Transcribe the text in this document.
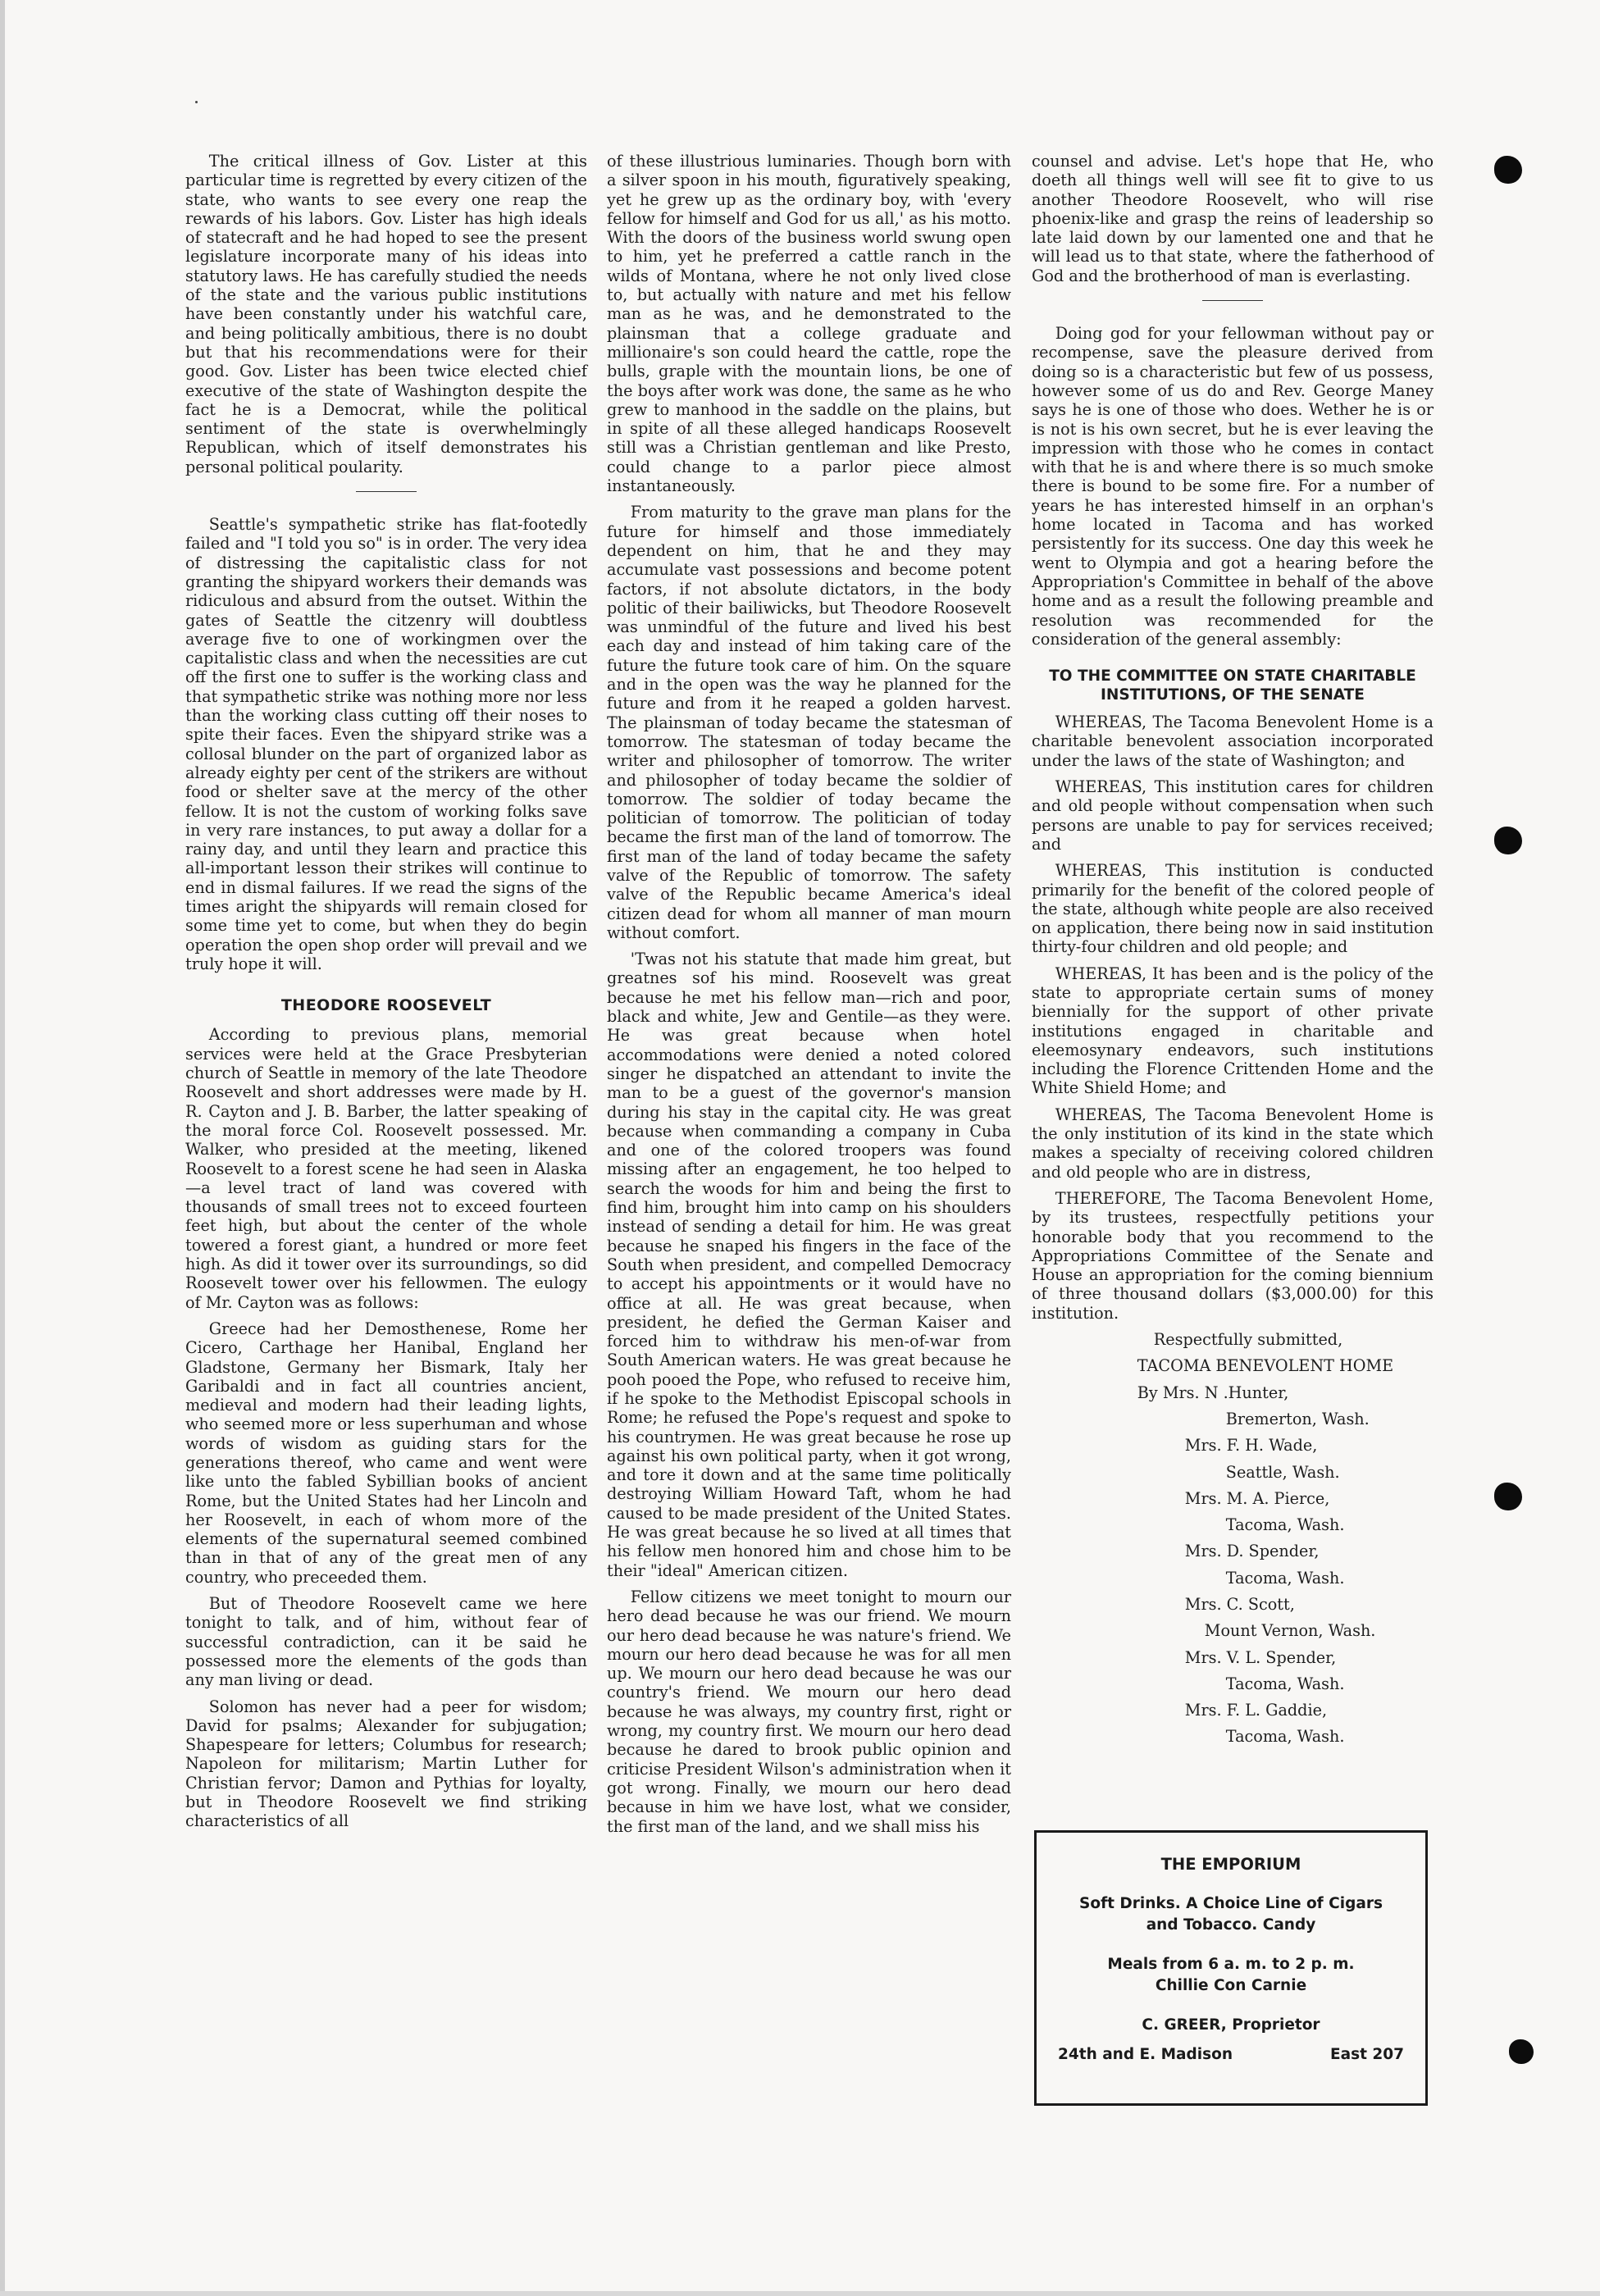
The critical illness of Gov. Lister at this particular time is regretted by every citizen of the state, who wants to see every one reap the rewards of his labors. Gov. Lister has high ideals of statecraft and he had hoped to see the present legislature incorporate many of his ideas into statutory laws. He has carefully studied the needs of the state and the various public institutions have been constantly under his watchful care, and being politically ambitious, there is no doubt but that his recommendations were for their good. Gov. Lister has been twice elected chief executive of the state of Washington despite the fact he is a Democrat, while the political sentiment of the state is overwhelmingly Republican, which of itself demonstrates his personal political poularity.

Seattle's sympathetic strike has flat-footedly failed and "I told you so" is in order. The very idea of distressing the capitalistic class for not granting the shipyard workers their demands was ridiculous and absurd from the outset. Within the gates of Seattle the citzenry will doubtless average five to one of workingmen over the capitalistic class and when the necessities are cut off the first one to suffer is the working class and that sympathetic strike was nothing more nor less than the working class cutting off their noses to spite their faces. Even the shipyard strike was a collosal blunder on the part of organized labor as already eighty per cent of the strikers are without food or shelter save at the mercy of the other fellow. It is not the custom of working folks save in very rare instances, to put away a dollar for a rainy day, and until they learn and practice this all-important lesson their strikes will continue to end in dismal failures. If we read the signs of the times aright the shipyards will remain closed for some time yet to come, but when they do begin operation the open shop order will prevail and we truly hope it will.

THEODORE ROOSEVELT

According to previous plans, memorial services were held at the Grace Presbyterian church of Seattle in memory of the late Theodore Roosevelt and short addresses were made by H. R. Cayton and J. B. Barber, the latter speaking of the moral force Col. Roosevelt possessed. Mr. Walker, who presided at the meeting, likened Roosevelt to a forest scene he had seen in Alaska—a level tract of land was covered with thousands of small trees not to exceed fourteen feet high, but about the center of the whole towered a forest giant, a hundred or more feet high. As did it tower over its surroundings, so did Roosevelt tower over his fellowmen. The eulogy of Mr. Cayton was as follows:

Greece had her Demosthenese, Rome her Cicero, Carthage her Hanibal, England her Gladstone, Germany her Bismark, Italy her Garibaldi and in fact all countries ancient, medieval and modern had their leading lights, who seemed more or less superhuman and whose words of wisdom as guiding stars for the generations thereof, who came and went were like unto the fabled Sybillian books of ancient Rome, but the United States had her Lincoln and her Roosevelt, in each of whom more of the elements of the supernatural seemed combined than in that of any of the great men of any country, who preceeded them.

But of Theodore Roosevelt came we here tonight to talk, and of him, without fear of successful contradiction, can it be said he possessed more the elements of the gods than any man living or dead.

Solomon has never had a peer for wisdom; David for psalms; Alexander for subjugation; Shapespeare for letters; Columbus for research; Napoleon for militarism; Martin Luther for Christian fervor; Damon and Pythias for loyalty, but in Theodore Roosevelt we find striking characteristics of all

of these illustrious luminaries. Though born with a silver spoon in his mouth, figuratively speaking, yet he grew up as the ordinary boy, with 'every fellow for himself and God for us all,' as his motto. With the doors of the business world swung open to him, yet he preferred a cattle ranch in the wilds of Montana, where he not only lived close to, but actually with nature and met his fellow man as he was, and he demonstrated to the plainsman that a college graduate and millionaire's son could heard the cattle, rope the bulls, graple with the mountain lions, be one of the boys after work was done, the same as he who grew to manhood in the saddle on the plains, but in spite of all these alleged handicaps Roosevelt still was a Christian gentleman and like Presto, could change to a parlor piece almost instantaneously.

From maturity to the grave man plans for the future for himself and those immediately dependent on him, that he and they may accumulate vast possessions and become potent factors, if not absolute dictators, in the body politic of their bailiwicks, but Theodore Roosevelt was unmindful of the future and lived his best each day and instead of him taking care of the future the future took care of him. On the square and in the open was the way he planned for the future and from it he reaped a golden harvest. The plainsman of today became the statesman of tomorrow. The statesman of today became the writer and philosopher of tomorrow. The writer and philosopher of today became the soldier of tomorrow. The soldier of today became the politician of tomorrow. The politician of today became the first man of the land of tomorrow. The first man of the land of today became the safety valve of the Republic of tomorrow. The safety valve of the Republic became America's ideal citizen dead for whom all manner of man mourn without comfort.

'Twas not his statute that made him great, but greatnes sof his mind. Roosevelt was great because he met his fellow man—rich and poor, black and white, Jew and Gentile—as they were. He was great because when hotel accommodations were denied a noted colored singer he dispatched an attendant to invite the man to be a guest of the governor's mansion during his stay in the capital city. He was great because when commanding a company in Cuba and one of the colored troopers was found missing after an engagement, he too helped to search the woods for him and being the first to find him, brought him into camp on his shoulders instead of sending a detail for him. He was great because he snaped his fingers in the face of the South when president, and compelled Democracy to accept his appointments or it would have no office at all. He was great because, when president, he defied the German Kaiser and forced him to withdraw his men-of-war from South American waters. He was great because he pooh pooed the Pope, who refused to receive him, if he spoke to the Methodist Episcopal schools in Rome; he refused the Pope's request and spoke to his countrymen. He was great because he rose up against his own political party, when it got wrong, and tore it down and at the same time politically destroying William Howard Taft, whom he had caused to be made president of the United States. He was great because he so lived at all times that his fellow men honored him and chose him to be their "ideal" American citizen.

Fellow citizens we meet tonight to mourn our hero dead because he was our friend. We mourn our hero dead because he was nature's friend. We mourn our hero dead because he was for all men up. We mourn our hero dead because he was our country's friend. We mourn our hero dead because he was always, my country first, right or wrong, my country first. We mourn our hero dead because he dared to brook public opinion and criticise President Wilson's administration when it got wrong. Finally, we mourn our hero dead because in him we have lost, what we consider, the first man of the land, and we shall miss his

counsel and advise. Let's hope that He, who doeth all things well will see fit to give to us another Theodore Roosevelt, who will rise phoenix-like and grasp the reins of leadership so late laid down by our lamented one and that he will lead us to that state, where the fatherhood of God and the brotherhood of man is everlasting.

Doing god for your fellowman without pay or recompense, save the pleasure derived from doing so is a characteristic but few of us possess, however some of us do and Rev. George Maney says he is one of those who does. Wether he is or is not is his own secret, but he is ever leaving the impression with those who he comes in contact with that he is and where there is so much smoke there is bound to be some fire. For a number of years he has interested himself in an orphan's home located in Tacoma and has worked persistently for its success. One day this week he went to Olympia and got a hearing before the Appropriation's Committee in behalf of the above home and as a result the following preamble and resolution was recommended for the consideration of the general assembly:

TO THE COMMITTEE ON STATE CHARITABLE INSTITUTIONS, OF THE SENATE

WHEREAS, The Tacoma Benevolent Home is a charitable benevolent association incorporated under the laws of the state of Washington; and

WHEREAS, This institution cares for children and old people without compensation when such persons are unable to pay for services received; and

WHEREAS, This institution is conducted primarily for the benefit of the colored people of the state, although white people are also received on application, there being now in said institution thirty-four children and old people; and

WHEREAS, It has been and is the policy of the state to appropriate certain sums of money biennially for the support of other private institutions engaged in charitable and eleemosynary endeavors, such institutions including the Florence Crittenden Home and the White Shield Home; and

WHEREAS, The Tacoma Benevolent Home is the only institution of its kind in the state which makes a specialty of receiving colored children and old people who are in distress,

THEREFORE, The Tacoma Benevolent Home, by its trustees, respectfully petitions your honorable body that you recommend to the Appropriations Committee of the Senate and House an appropriation for the coming biennium of three thousand dollars ($3,000.00) for this institution.

Respectfully submitted,

TACOMA BENEVOLENT HOME

By Mrs. N .Hunter,

Bremerton, Wash.

Mrs. F. H. Wade,

Seattle, Wash.

Mrs. M. A. Pierce,

Tacoma, Wash.

Mrs. D. Spender,

Tacoma, Wash.

Mrs. C. Scott,

Mount Vernon, Wash.

Mrs. V. L. Spender,

Tacoma, Wash.

Mrs. F. L. Gaddie,

Tacoma, Wash.

THE EMPORIUM

Soft Drinks. A Choice Line of Cigars

and Tobacco. Candy

Meals from 6 a. m. to 2 p. m.

Chillie Con Carnie

C. GREER, Proprietor

24th and E. Madison	East 207
